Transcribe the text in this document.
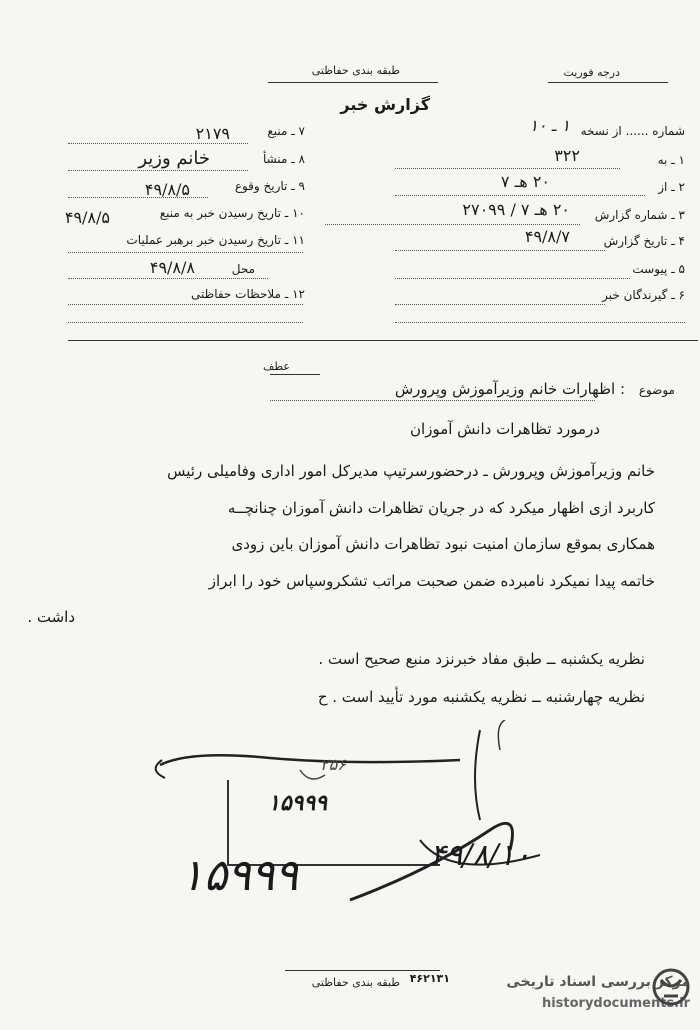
طبقه بندی حفاظتی	درجه فوریت
گزارش خبر
شماره ...... از نسخه
۱ ـ ۱۰
۱ ـ به
۳۲۲
۲ ـ از
۲۰ هـ ۷
۳ ـ شماره گزارش
۲۰ هـ ۷ / ۲۷۰۹۹
۴ ـ تاریخ گزارش
۴۹/۸/۷
۵ ـ پیوست
۶ ـ گیرندگان خبر
۷ ـ منبع
۲۱۷۹
۸ ـ منشأ
خانم وزیر
۹ ـ تاریخ وقوع
۴۹/۸/۵
۱۰ ـ تاریخ رسیدن خبر به منبع
۴۹/۸/۵
۱۱ ـ تاریخ رسیدن خبر برهبر عملیات
محل
۴۹/۸/۸
۱۲ ـ ملاحظات حفاظتی
عطف
موضوع
: اظهارات خانم وزیرآموزش وپرورش
درمورد تظاهرات دانش آموزان
خانم وزیرآموزش وپرورش ـ درحضورسرتیپ مدیرکل امور اداری وفامیلی رئیس
کاربرد ازی اظهار میکرد که در جریان تظاهرات دانش آموزان چنانچــه
همکاری بموقع سازمان امنیت نبود تظاهرات دانش آموزان باین زودی
خاتمه پیدا نمیکرد نامبرده ضمن صحبت مراتب تشکروسپاس خود را ابراز
داشت .
نظریه یکشنبه ــ طبق مفاد خبرنزد منبع صحیح است .
نظریه چهارشنبه ــ نظریه یکشنبه مورد تأیید است . ح
۱۵۹۹۹
۲۵۶
۴۹/۸/۱۰
۱۵۹۹۹
طبقه بندی حفاظتی ۴۶۲۱۳۱	مرکز بررسی اسناد تاریخی
historydocuments.ir
